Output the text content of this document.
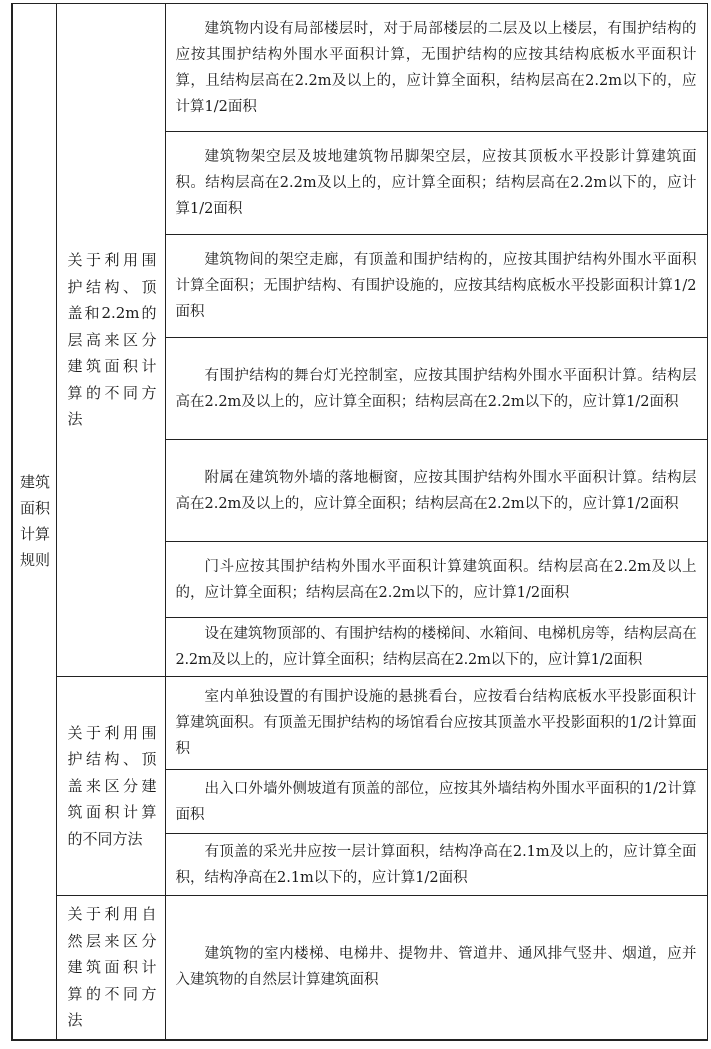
建筑面积计算规则	关于利用围护结构、顶盖和2.2m的层高来区分建筑面积计算的不同方法	建筑物内设有局部楼层时，对于局部楼层的二层及以上楼层，有围护结构的应按其围护结构外围水平面积计算，无围护结构的应按其结构底板水平面积计算，且结构层高在2.2m及以上的，应计算全面积，结构层高在2.2m以下的，应计算1/2面积

		建筑物架空层及坡地建筑物吊脚架空层，应按其顶板水平投影计算建筑面积。结构层高在2.2m及以上的，应计算全面积；结构层高在2.2m以下的，应计算1/2面积

		建筑物间的架空走廊，有顶盖和围护结构的，应按其围护结构外围水平面积计算全面积；无围护结构、有围护设施的，应按其结构底板水平投影面积计算1/2面积

		有围护结构的舞台灯光控制室，应按其围护结构外围水平面积计算。结构层高在2.2m及以上的，应计算全面积；结构层高在2.2m以下的，应计算1/2面积

		附属在建筑物外墙的落地橱窗，应按其围护结构外围水平面积计算。结构层高在2.2m及以上的，应计算全面积；结构层高在2.2m以下的，应计算1/2面积

		门斗应按其围护结构外围水平面积计算建筑面积。结构层高在2.2m及以上的，应计算全面积；结构层高在2.2m以下的，应计算1/2面积

		设在建筑物顶部的、有围护结构的楼梯间、水箱间、电梯机房等，结构层高在2.2m及以上的，应计算全面积；结构层高在2.2m以下的，应计算1/2面积

	关于利用围护结构、顶盖来区分建筑面积计算的不同方法	室内单独设置的有围护设施的悬挑看台，应按看台结构底板水平投影面积计算建筑面积。有顶盖无围护结构的场馆看台应按其顶盖水平投影面积的1/2计算面积

		出入口外墙外侧坡道有顶盖的部位，应按其外墙结构外围水平面积的1/2计算面积

		有顶盖的采光井应按一层计算面积，结构净高在2.1m及以上的，应计算全面积，结构净高在2.1m以下的，应计算1/2面积

	关于利用自然层来区分建筑面积计算的不同方法	建筑物的室内楼梯、电梯井、提物井、管道井、通风排气竖井、烟道，应并入建筑物的自然层计算建筑面积
